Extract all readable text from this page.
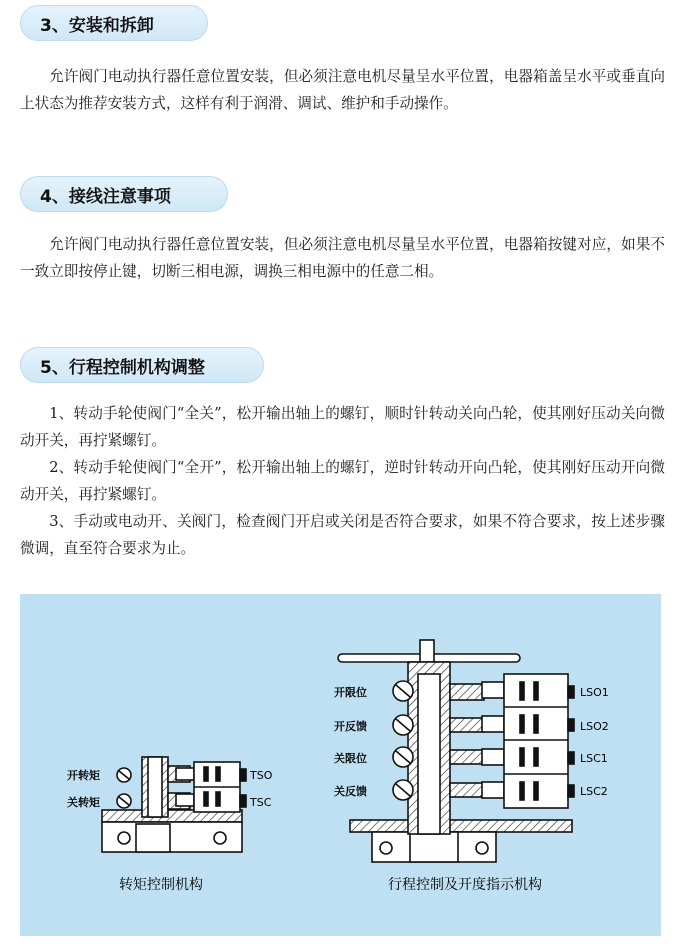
3、安装和拆卸

允许阀门电动执行器任意位置安装，但必须注意电机尽量呈水平位置，电器箱盖呈水平或垂直向上状态为推荐安装方式，这样有利于润滑、调试、维护和手动操作。

4、接线注意事项

允许阀门电动执行器任意位置安装，但必须注意电机尽量呈水平位置，电器箱按键对应，如果不一致立即按停止键，切断三相电源，调换三相电源中的任意二相。

5、行程控制机构调整

1、转动手轮使阀门“全关”，松开输出轴上的螺钉，顺时针转动关向凸轮，使其刚好压动关向微动开关，再拧紧螺钉。

2、转动手轮使阀门“全开”，松开输出轴上的螺钉，逆时针转动开向凸轮，使其刚好压动开向微动开关，再拧紧螺钉。

3、手动或电动开、关阀门，检查阀门开启或关闭是否符合要求，如果不符合要求，按上述步骤微调，直至符合要求为止。

开转矩
关转矩
TSO
TSC
转矩控制机构
开限位
开反馈
关限位
关反馈
LSO1
LSO2
LSC1
LSC2
行程控制及开度指示机构
